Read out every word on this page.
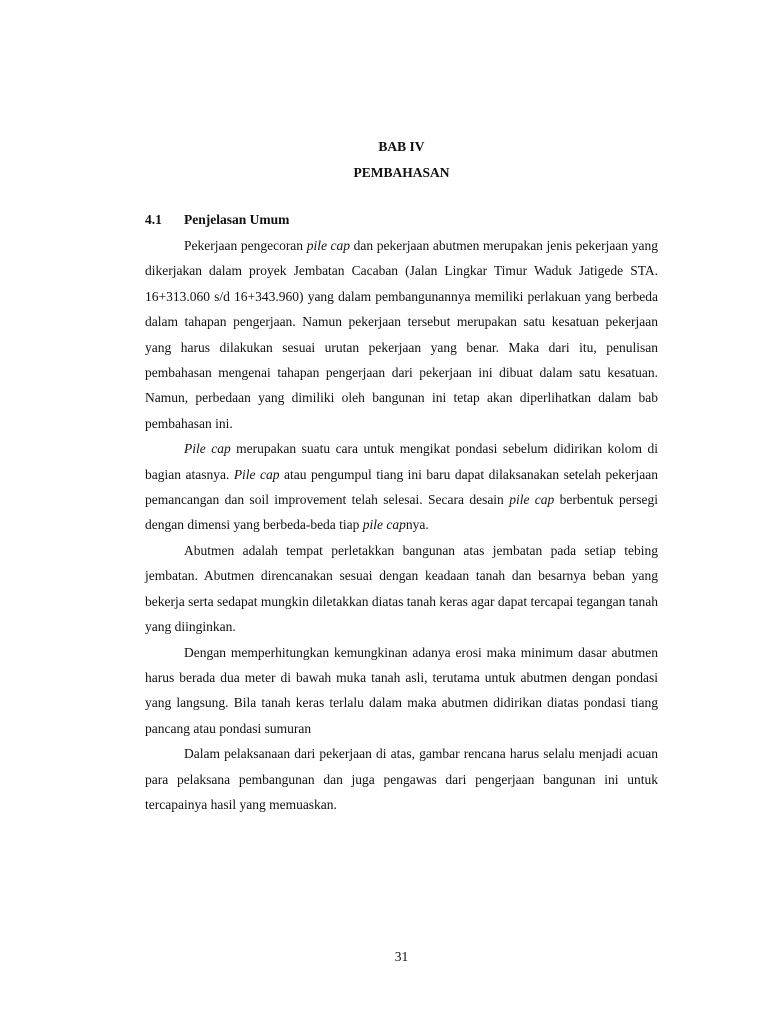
BAB IV
PEMBAHASAN
4.1 Penjelasan Umum

Pekerjaan pengecoran pile cap dan pekerjaan abutmen merupakan jenis pekerjaan yang dikerjakan dalam proyek Jembatan Cacaban (Jalan Lingkar Timur Waduk Jatigede STA. 16+313.060 s/d 16+343.960) yang dalam pembangunannya memiliki perlakuan yang berbeda dalam tahapan pengerjaan. Namun pekerjaan tersebut merupakan satu kesatuan pekerjaan yang harus dilakukan sesuai urutan pekerjaan yang benar. Maka dari itu, penulisan pembahasan mengenai tahapan pengerjaan dari pekerjaan ini dibuat dalam satu kesatuan. Namun, perbedaan yang dimiliki oleh bangunan ini tetap akan diperlihatkan dalam bab pembahasan ini.

Pile cap merupakan suatu cara untuk mengikat pondasi sebelum didirikan kolom di bagian atasnya. Pile cap atau pengumpul tiang ini baru dapat dilaksanakan setelah pekerjaan pemancangan dan soil improvement telah selesai. Secara desain pile cap berbentuk persegi dengan dimensi yang berbeda-beda tiap pile capnya.

Abutmen adalah tempat perletakkan bangunan atas jembatan pada setiap tebing jembatan. Abutmen direncanakan sesuai dengan keadaan tanah dan besarnya beban yang bekerja serta sedapat mungkin diletakkan diatas tanah keras agar dapat tercapai tegangan tanah yang diinginkan.

Dengan memperhitungkan kemungkinan adanya erosi maka minimum dasar abutmen harus berada dua meter di bawah muka tanah asli, terutama untuk abutmen dengan pondasi yang langsung. Bila tanah keras terlalu dalam maka abutmen didirikan diatas pondasi tiang pancang atau pondasi sumuran

Dalam pelaksanaan dari pekerjaan di atas, gambar rencana harus selalu menjadi acuan para pelaksana pembangunan dan juga pengawas dari pengerjaan bangunan ini untuk tercapainya hasil yang memuaskan.

31
